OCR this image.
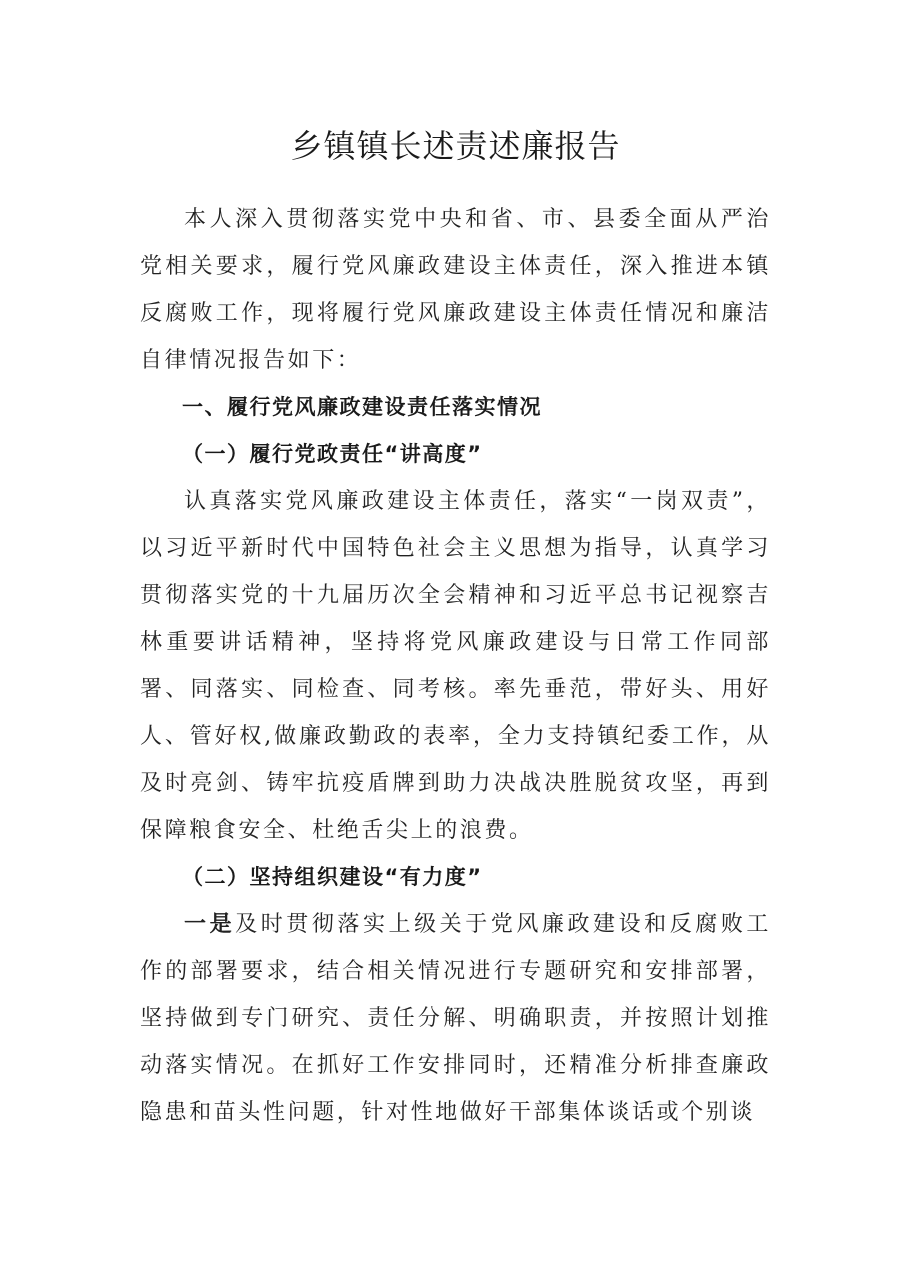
乡镇镇长述责述廉报告

本人深入贯彻落实党中央和省、市、县委全面从严治党相关要求，履行党风廉政建设主体责任，深入推进本镇反腐败工作，现将履行党风廉政建设主体责任情况和廉洁自律情况报告如下：

一、履行党风廉政建设责任落实情况
（一）履行党政责任“讲高度”

认真落实党风廉政建设主体责任，落实“一岗双责”，以习近平新时代中国特色社会主义思想为指导，认真学习贯彻落实党的十九届历次全会精神和习近平总书记视察吉林重要讲话精神，坚持将党风廉政建设与日常工作同部署、同落实、同检查、同考核。率先垂范，带好头、用好人、管好权,做廉政勤政的表率，全力支持镇纪委工作，从及时亮剑、铸牢抗疫盾牌到助力决战决胜脱贫攻坚，再到保障粮食安全、杜绝舌尖上的浪费。

（二）坚持组织建设“有力度”

一是及时贯彻落实上级关于党风廉政建设和反腐败工作的部署要求，结合相关情况进行专题研究和安排部署，坚持做到专门研究、责任分解、明确职责，并按照计划推动落实情况。在抓好工作安排同时，还精准分析排查廉政隐患和苗头性问题，针对性地做好干部集体谈话或个别谈
